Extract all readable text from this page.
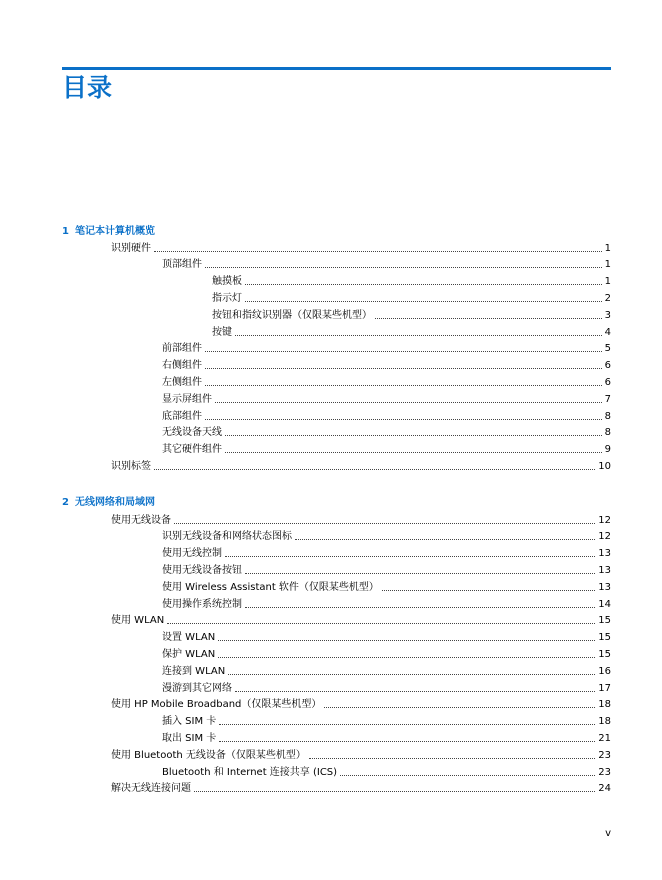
目录
1 笔记本计算机概览
识别硬件	1
顶部组件	1
触摸板	1
指示灯	2
按钮和指纹识别器（仅限某些机型）	3
按键	4
前部组件	5
右侧组件	6
左侧组件	6
显示屏组件	7
底部组件	8
无线设备天线	8
其它硬件组件	9
识别标签	10
2 无线网络和局域网
使用无线设备	12
识别无线设备和网络状态图标	12
使用无线控制	13
使用无线设备按钮	13
使用 Wireless Assistant 软件（仅限某些机型）	13
使用操作系统控制	14
使用 WLAN	15
设置 WLAN	15
保护 WLAN	15
连接到 WLAN	16
漫游到其它网络	17
使用 HP Mobile Broadband（仅限某些机型）	18
插入 SIM 卡	18
取出 SIM 卡	21
使用 Bluetooth 无线设备（仅限某些机型）	23
Bluetooth 和 Internet 连接共享 (ICS)	23
解决无线连接问题	24
v
